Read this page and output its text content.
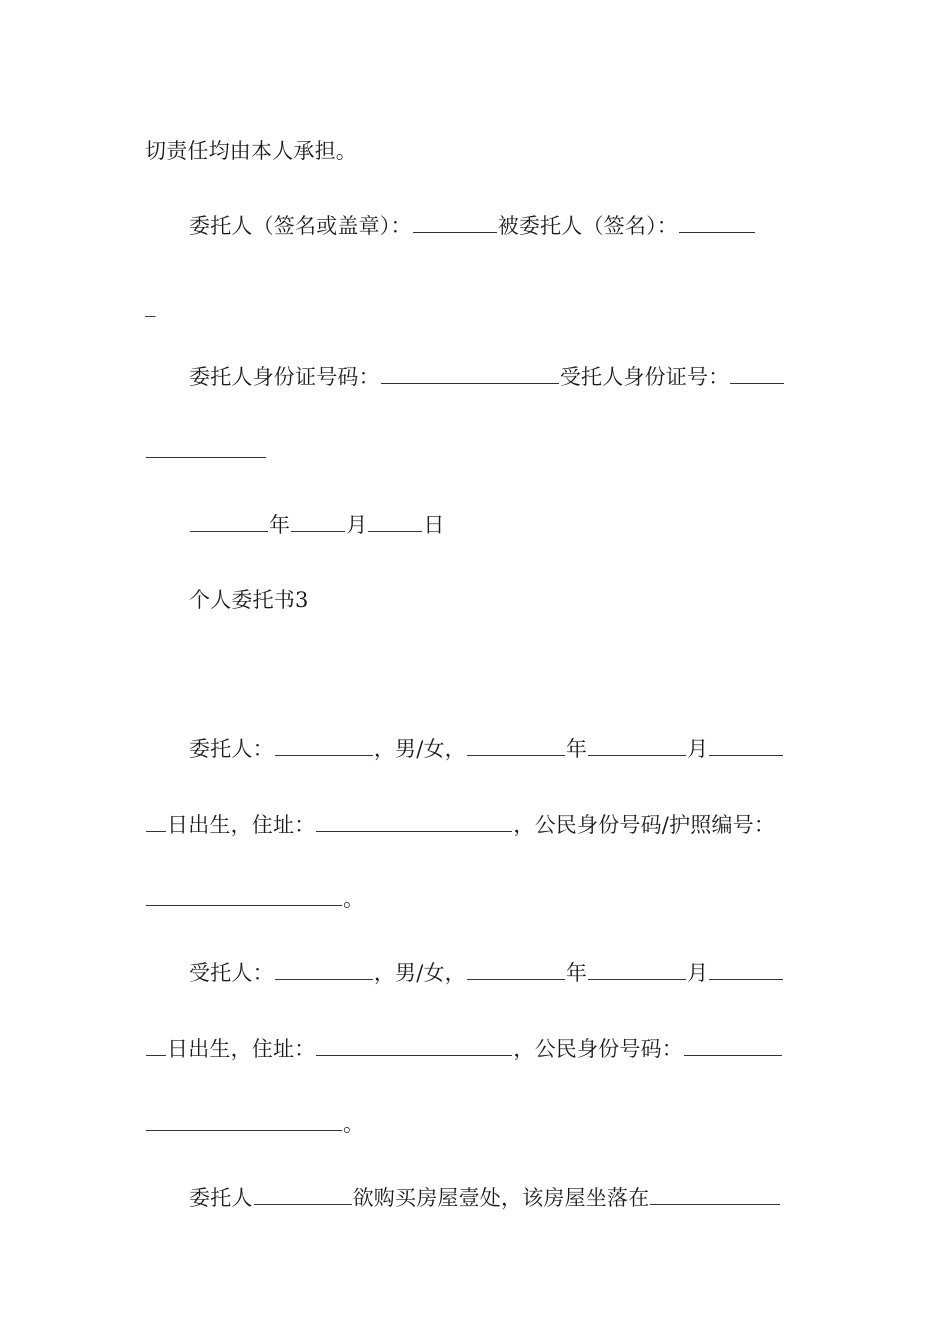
切责任均由本人承担。
委托人（签名或盖章）：	被委托人（签名）：
_
委托人身份证号码：	受托人身份证号：
年	月	日
个人委托书3
委托人：	，男/女，	年	月
日出生，住址：	，公民身份号码/护照编号：
。
受托人：	，男/女，	年	月
日出生，住址：	，公民身份号码：
。
委托人	欲购买房屋壹处，该房屋坐落在
